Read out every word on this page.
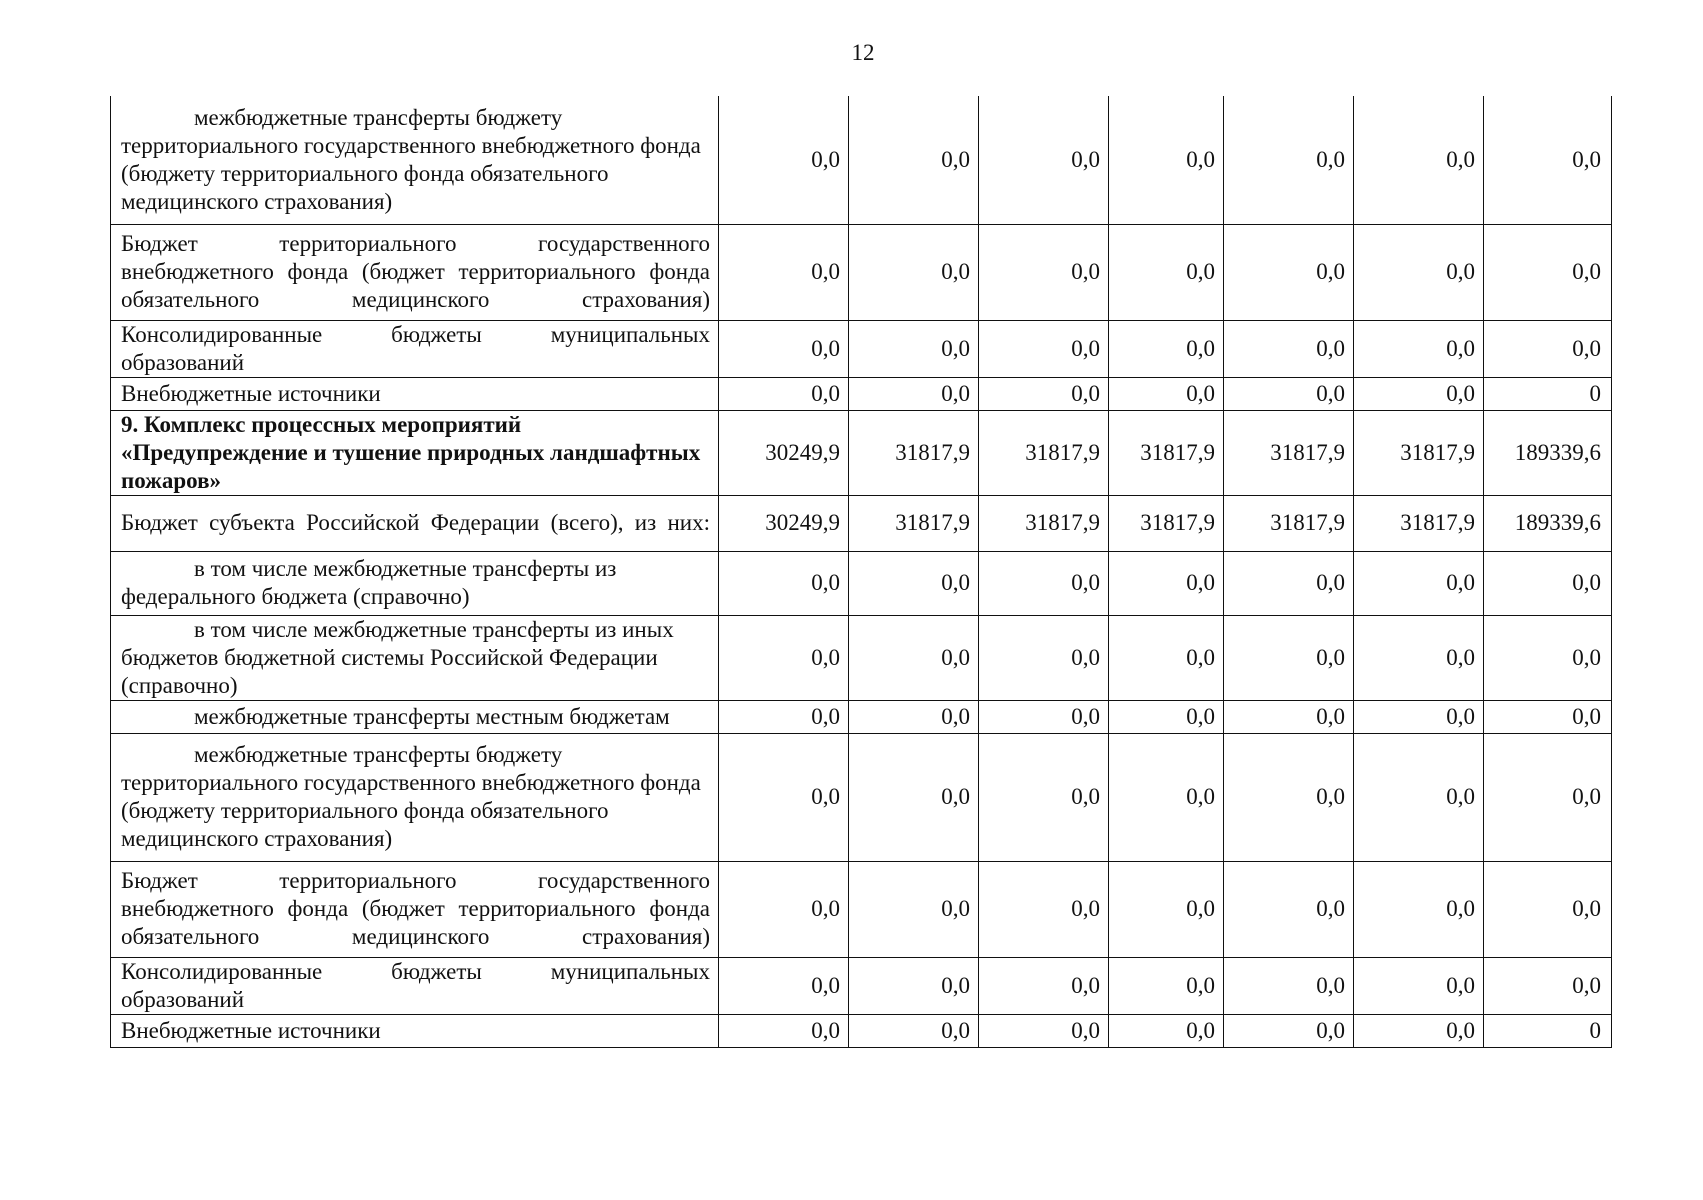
12
межбюджетные трансферты бюджету территориального государственного внебюджетного фонда (бюджету территориального фонда обязательного медицинского страхования)	0,0	0,0	0,0	0,0	0,0	0,0	0,0
Бюджет территориального государственного внебюджетного фонда (бюджет территориального фонда обязательного медицинского страхования)	0,0	0,0	0,0	0,0	0,0	0,0	0,0
Консолидированные бюджеты муниципальных образований	0,0	0,0	0,0	0,0	0,0	0,0	0,0
Внебюджетные источники	0,0	0,0	0,0	0,0	0,0	0,0	0
9. Комплекс процессных мероприятий «Предупреждение и тушение природных ландшафтных пожаров»	30249,9	31817,9	31817,9	31817,9	31817,9	31817,9	189339,6
Бюджет субъекта Российской Федерации (всего), из них:	30249,9	31817,9	31817,9	31817,9	31817,9	31817,9	189339,6
в том числе межбюджетные трансферты из федерального бюджета (справочно)	0,0	0,0	0,0	0,0	0,0	0,0	0,0
в том числе межбюджетные трансферты из иных бюджетов бюджетной системы Российской Федерации (справочно)	0,0	0,0	0,0	0,0	0,0	0,0	0,0
межбюджетные трансферты местным бюджетам	0,0	0,0	0,0	0,0	0,0	0,0	0,0
межбюджетные трансферты бюджету территориального государственного внебюджетного фонда (бюджету территориального фонда обязательного медицинского страхования)	0,0	0,0	0,0	0,0	0,0	0,0	0,0
Бюджет территориального государственного внебюджетного фонда (бюджет территориального фонда обязательного медицинского страхования)	0,0	0,0	0,0	0,0	0,0	0,0	0,0
Консолидированные бюджеты муниципальных образований	0,0	0,0	0,0	0,0	0,0	0,0	0,0
Внебюджетные источники	0,0	0,0	0,0	0,0	0,0	0,0	0
